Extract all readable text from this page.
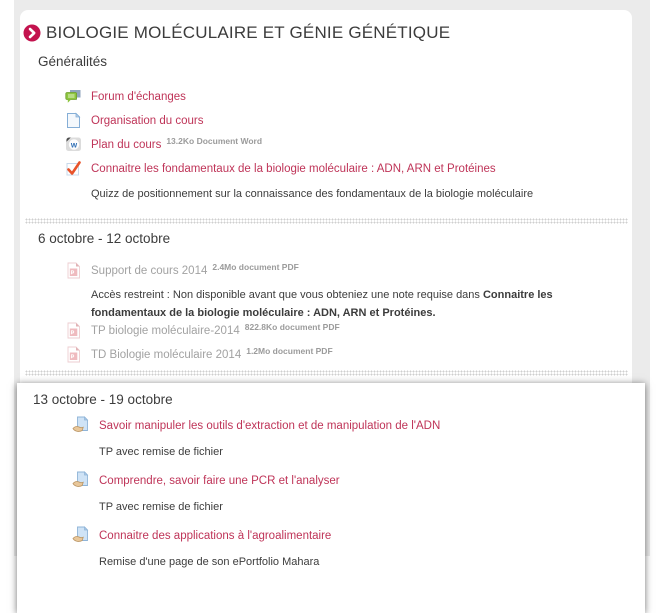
BIOLOGIE MOLÉCULAIRE ET GÉNIE GÉNÉTIQUE
Généralités
Forum d'échanges
Organisation du cours
w Plan du cours 13.2Ko Document Word
Connaitre les fondamentaux de la biologie moléculaire : ADN, ARN et Protéines
Quizz de positionnement sur la connaissance des fondamentaux de la biologie moléculaire
6 octobre - 12 octobre
Support de cours 2014 2.4Mo document PDF
Accès restreint : Non disponible avant que vous obteniez une note requise dans Connaitre les fondamentaux de la biologie moléculaire : ADN, ARN et Protéines.
TP biologie moléculaire-2014 822.8Ko document PDF
TD Biologie moléculaire 2014 1.2Mo document PDF
13 octobre - 19 octobre
Savoir manipuler les outils d'extraction et de manipulation de l'ADN
TP avec remise de fichier
Comprendre, savoir faire une PCR et l'analyser
TP avec remise de fichier
Connaitre des applications à l'agroalimentaire
Remise d'une page de son ePortfolio Mahara
